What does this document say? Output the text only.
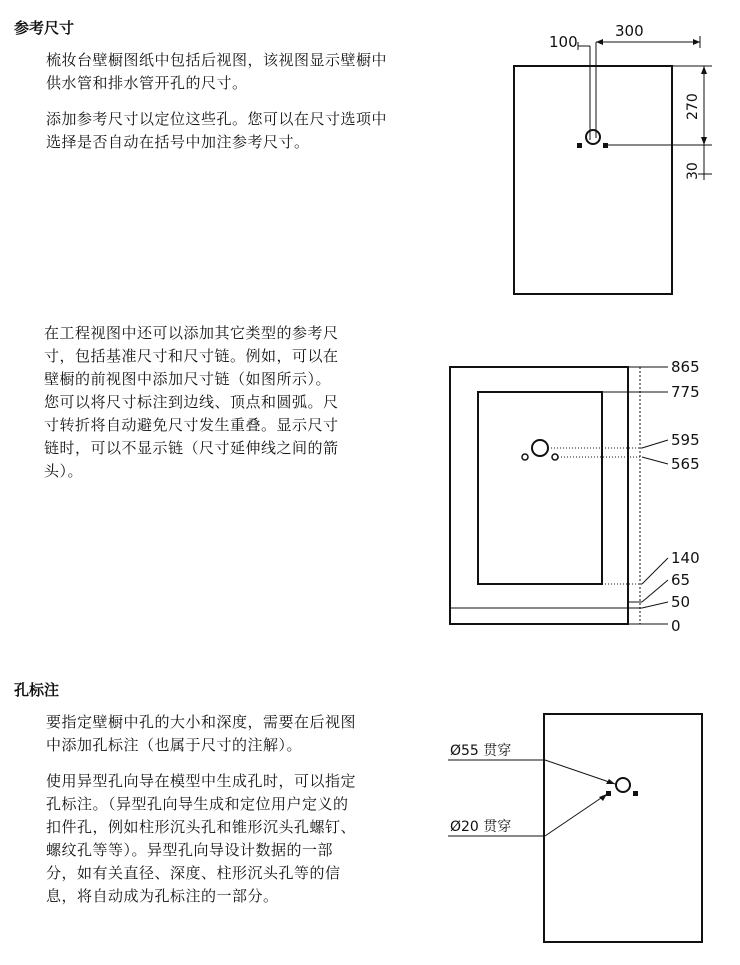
参考尺寸
梳妆台壁橱图纸中包括后视图，该视图显示壁橱中
供水管和排水管开孔的尺寸。
添加参考尺寸以定位这些孔。您可以在尺寸选项中
选择是否自动在括号中加注参考尺寸。
100
300
270
30
在工程视图中还可以添加其它类型的参考尺
寸，包括基准尺寸和尺寸链。例如，可以在
壁橱的前视图中添加尺寸链（如图所示）。
您可以将尺寸标注到边线、顶点和圆弧。尺
寸转折将自动避免尺寸发生重叠。显示尺寸
链时，可以不显示链（尺寸延伸线之间的箭
头）。
865
775
595
565
140
65
50
0
孔标注
要指定壁橱中孔的大小和深度，需要在后视图
中添加孔标注（也属于尺寸的注解）。
使用异型孔向导在模型中生成孔时，可以指定
孔标注。（异型孔向导生成和定位用户定义的
扣件孔，例如柱形沉头孔和锥形沉头孔螺钉、
螺纹孔等等）。异型孔向导设计数据的一部
分，如有关直径、深度、柱形沉头孔等的信
息，将自动成为孔标注的一部分。
Ø55 贯穿
Ø20 贯穿
